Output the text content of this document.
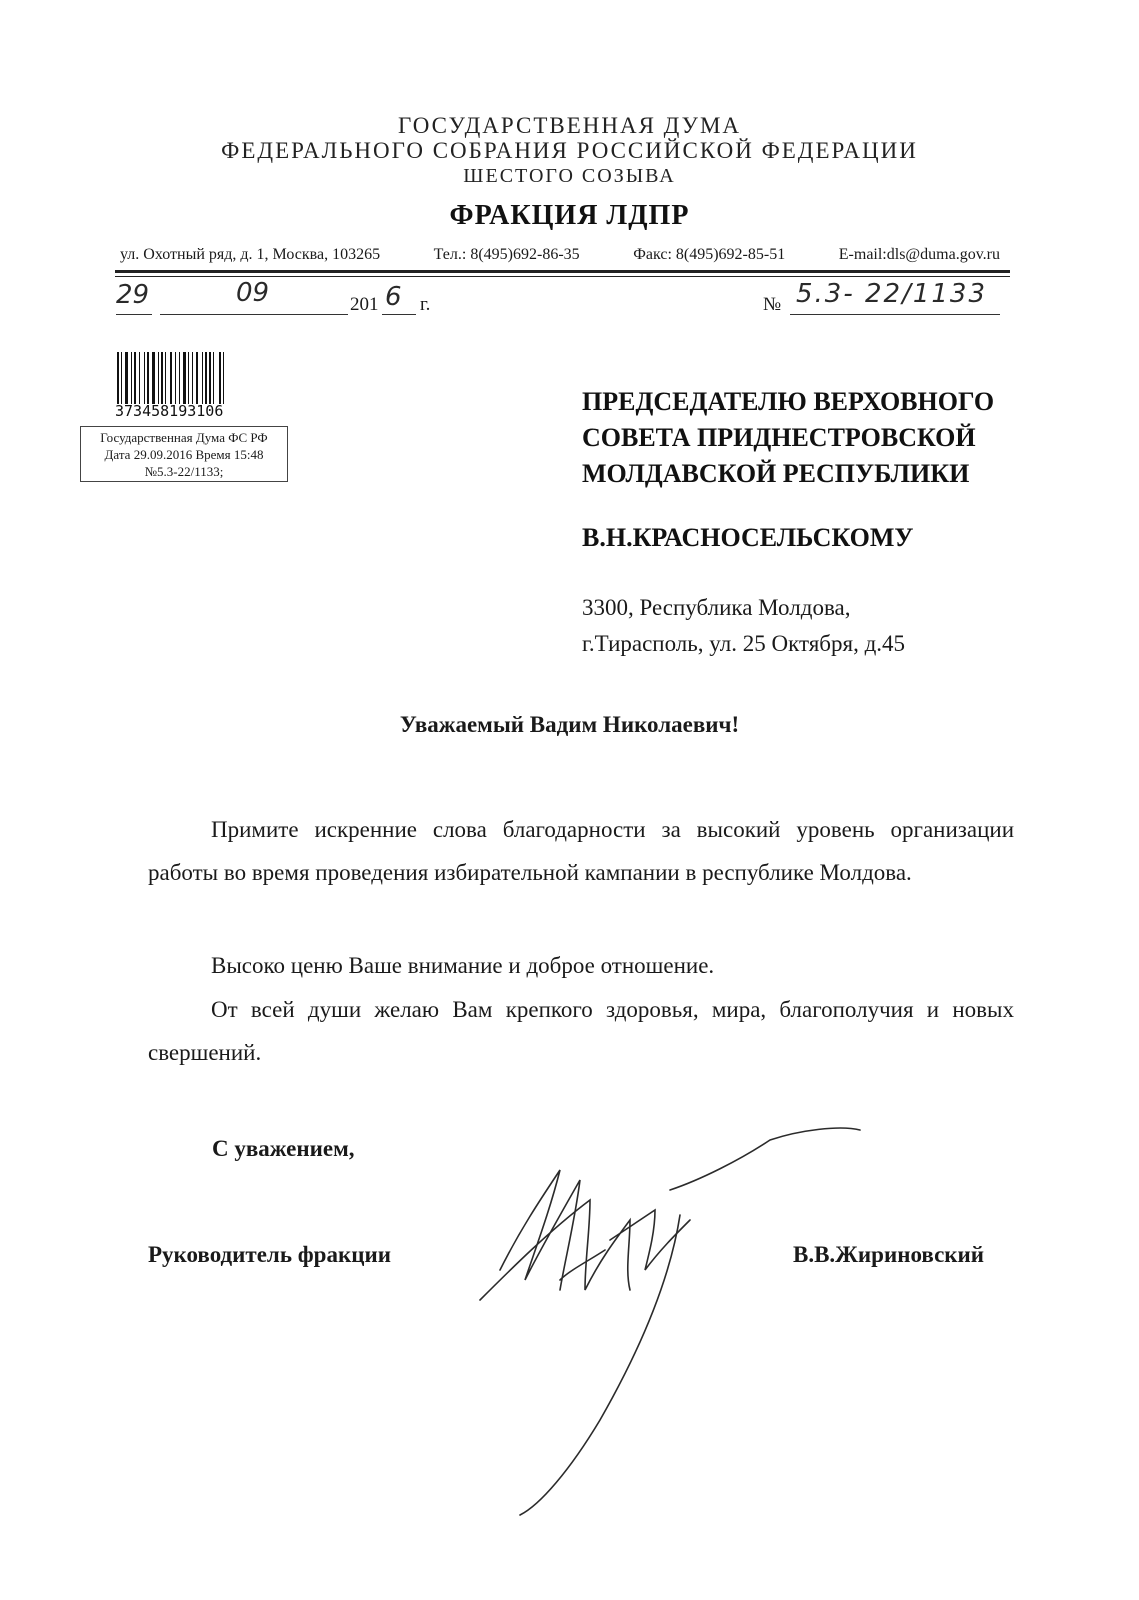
ГОСУДАРСТВЕННАЯ ДУМА
ФЕДЕРАЛЬНОГО СОБРАНИЯ РОССИЙСКОЙ ФЕДЕРАЦИИ
ШЕСТОГО СОЗЫВА
ФРАКЦИЯ ЛДПР
ул. Охотный ряд, д. 1, Москва, 103265	Тел.: 8(495)692-86-35	Факс: 8(495)692-85-51	E-mail:dls@duma.gov.ru
29	09	201 6 г.	№ 5.3- 22/1133
373458193106
Государственная Дума ФС РФ
Дата 29.09.2016 Время 15:48
№5.3-22/1133;
ПРЕДСЕДАТЕЛЮ ВЕРХОВНОГО
СОВЕТА ПРИДНЕСТРОВСКОЙ
МОЛДАВСКОЙ РЕСПУБЛИКИ
В.Н.КРАСНОСЕЛЬСКОМУ
3300, Республика Молдова,
г.Тирасполь, ул. 25 Октября, д.45
Уважаемый Вадим Николаевич!
Примите искренние слова благодарности за высокий уровень организации работы во время проведения избирательной кампании в республике Молдова.
Высоко ценю Ваше внимание и доброе отношение.
От всей души желаю Вам крепкого здоровья, мира, благополучия и новых свершений.
С уважением,
Руководитель фракции	В.В.Жириновский
